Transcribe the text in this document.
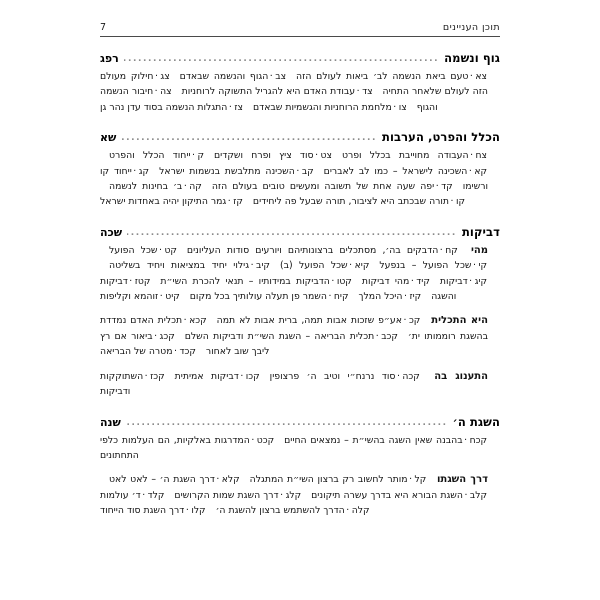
תוכן העניינים
7
גוף ונשמה
.....
רפג

צא·טעם ביאת הנשמה לב׳ ביאות לעולם הזהצב·הגוף והנשמה שבאדםצג·חילוק מעולם הזה לעולם שלאחר התחיהצד·עבודת האדם היא להגריל התשוקה לרוחניותצה·חיבור הנשמה והגוףצו·מלחמת הרוחניות והגשמיות שבאדםצז·התגלות הנשמה בסוד עדן נהר גן

הכלל והפרט, הערבות
.....
שא

צח·העבודה מחוייבת בכלל ופרטצט·סוד ציץ ופרח ושקדיםק·ייחוד הכלל והפרטקא·השכינה לישראל – כמו לב לאבריםקב·השכינה מתלבשת בנשמות ישראלקג·ייחוד קו ורשימוקד·יפה שעה אחת של תשובה ומעשים טובים בעולם הזהקה·ב׳ בחינות לנשמהקו·תורה שבכתב היא לציבור, תורה שבעל פה ליחידיםקז·גמר התיקון יהיה באחדות ישראל

דביקות
.....
שכה

מהי קח·הדבקים בה׳, מסתכלים ברצונותיהם ויורעים סודות העליוניםקט·שכל הפועלקי·שכל הפועל – בנפעלקיא·שכל הפועל (ב)קיב·גילוי יחיד במציאות ויחיד בשליטהקיג·דביקותקיד·מהי דביקותקטו·הדביקות במידותיו – תנאי להכרת השי״תקטז·דביקות והשגהקיז·היכל המלךקיח·השמר פן תעלה עולותיך בכל מקוםקיט·זוהמא וקליפות

היא התכלית קכ·אע״פ שזכות אבות תמה, ברית אבות לא תמהקכא·תכלית האדם נמדדת בהשגת רוממותו ית׳קכב·תכלית הבריאה – השגת השי״ת ודביקות השלםקכג·ביאור אם רץ ליבך שוב לאחורקכד·מטרה של הבריאה

התענוג בה קכה·סוד נרנח״י וטיב ה׳ פרצופיןקכו·דביקות אמיתיתקכז·השתוקקות ודביקות

השגת ה׳
.....
שנה

קכח·בהבנה שאין השגה בהשי״ת – נמצאים החייםקכט·המדרגות באלקיות, הם העלמות כלפי התחתונים

דרך השגתו קל·מותר לחשוב רק ברצון השי״ת המתגלהקלא·דרך השגת ה׳ – לאט לאטקלב·השגת הבורא היא בדרך עשרה תיקוניםקלג·דרך השגת שמות הקרושיםקלד·ד׳ עולמותקלה·הדרך להשתמש ברצון להשגת ה׳קלו·דרך השגת סוד הייחוד
